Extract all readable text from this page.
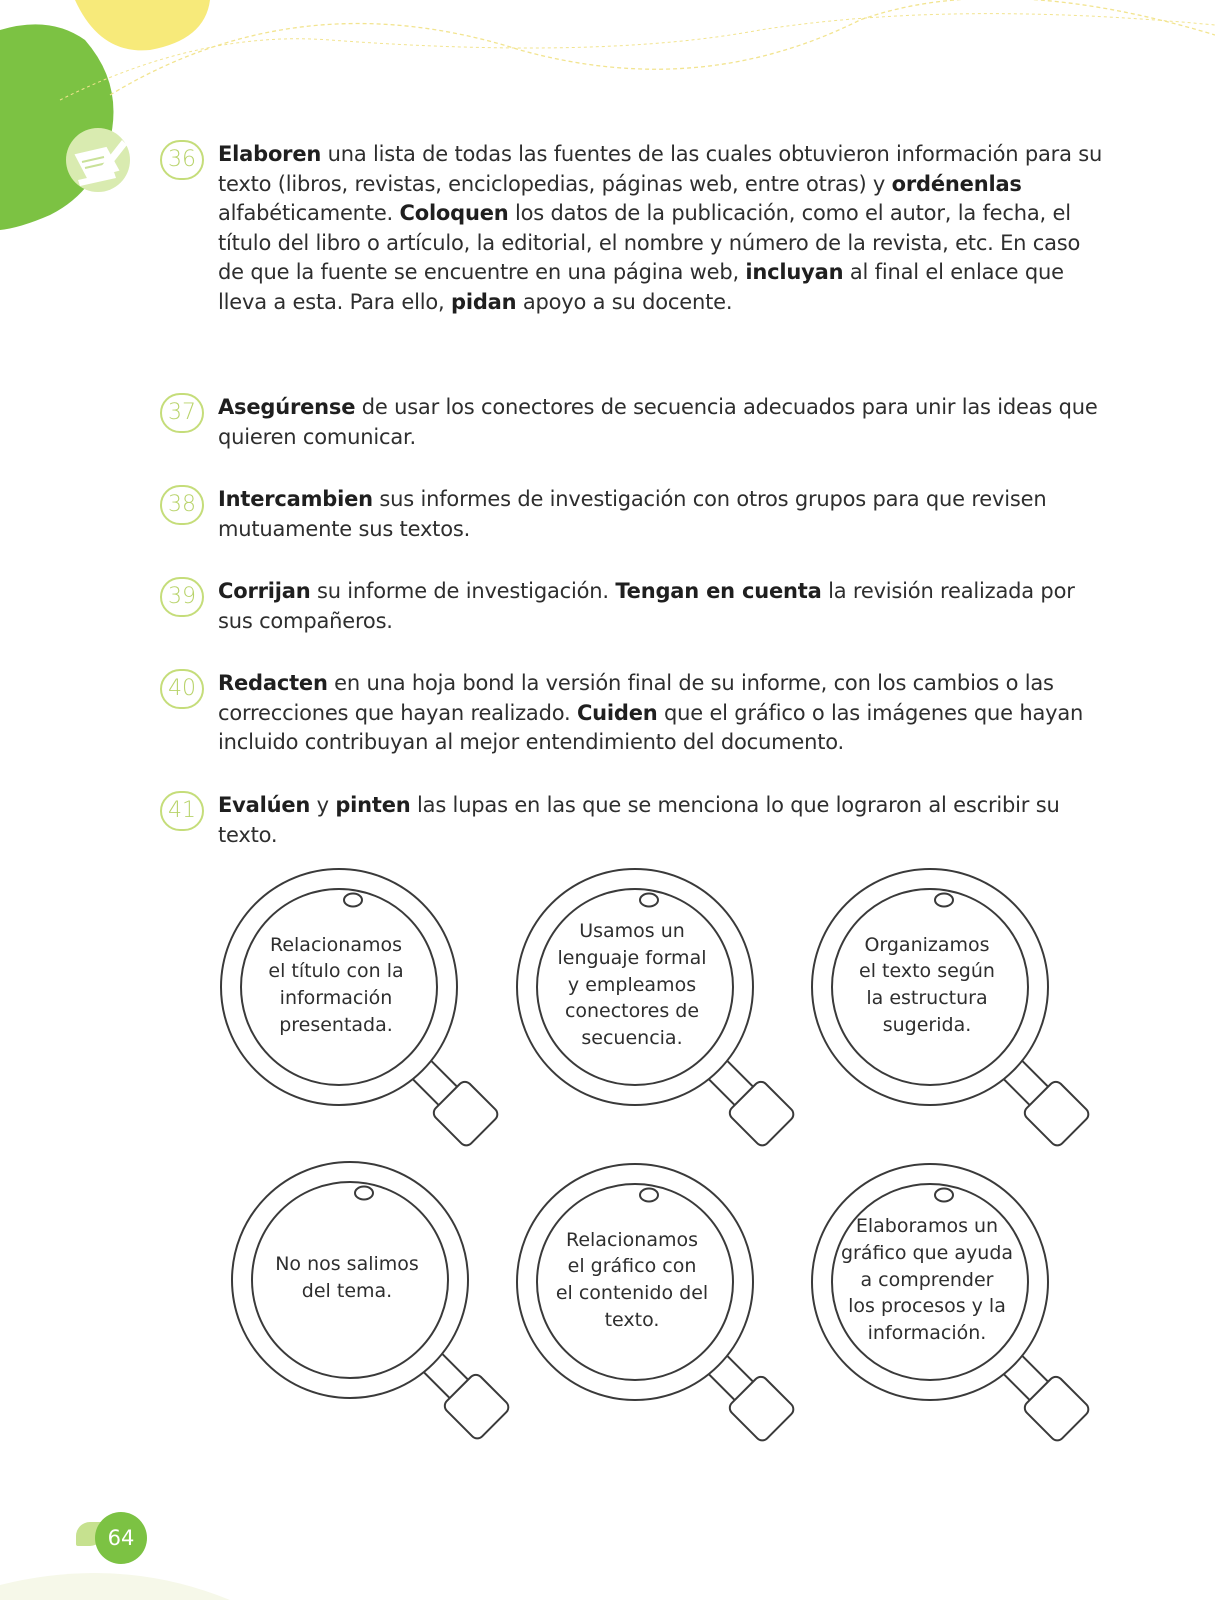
36	Elaboren una lista de todas las fuentes de las cuales obtuvieron información para su texto (libros, revistas, enciclopedias, páginas web, entre otras) y ordénenlas alfabéticamente. Coloquen los datos de la publicación, como el autor, la fecha, el título del libro o artículo, la editorial, el nombre y número de la revista, etc. En caso de que la fuente se encuentre en una página web, incluyan al final el enlace que lleva a esta. Para ello, pidan apoyo a su docente.
37	Asegúrense de usar los conectores de secuencia adecuados para unir las ideas que quieren comunicar.
38	Intercambien sus informes de investigación con otros grupos para que revisen mutuamente sus textos.
39	Corrijan su informe de investigación. Tengan en cuenta la revisión realizada por sus compañeros.
40	Redacten en una hoja bond la versión final de su informe, con los cambios o las correcciones que hayan realizado. Cuiden que el gráfico o las imágenes que hayan incluido contribuyan al mejor entendimiento del documento.
41	Evalúen y pinten las lupas en las que se menciona lo que lograron al escribir su texto.
Relacionamos
el título con la
información
presentada.
Usamos un
lenguaje formal
y empleamos
conectores de
secuencia.
Organizamos
el texto según
la estructura
sugerida.
No nos salimos
del tema.
Relacionamos
el gráfico con
el contenido del
texto.
Elaboramos un
gráfico que ayuda
a comprender
los procesos y la
información.
64
